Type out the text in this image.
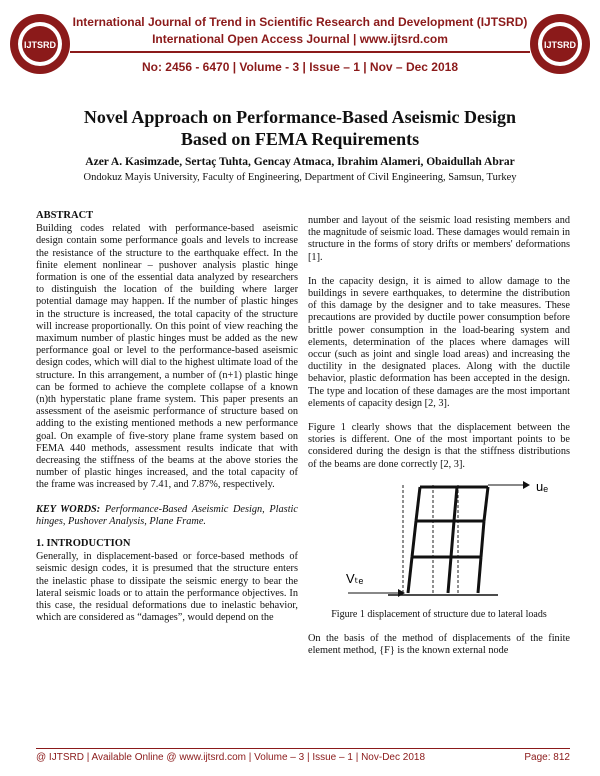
IJTSRD
International Journal of Trend in Scientific Research and Development (IJTSRD)
International Open Access Journal | www.ijtsrd.com
No: 2456 - 6470 | Volume - 3 | Issue – 1 | Nov – Dec 2018
IJTSRD
Novel Approach on Performance-Based Aseismic Design Based on FEMA Requirements
Azer A. Kasimzade, Sertaç Tuhta, Gencay Atmaca, Ibrahim Alameri, Obaidullah Abrar
Ondokuz Mayis University, Faculty of Engineering, Department of Civil Engineering, Samsun, Turkey
ABSTRACT

Building codes related with performance-based aseismic design contain some performance goals and levels to increase the resistance of the structure to the earthquake effect. In the finite element nonlinear – pushover analysis plastic hinge formation is one of the essential data analyzed by researchers to distinguish the location of the building where larger potential damage may happen. If the number of plastic hinges in the structure is increased, the total capacity of the structure will increase proportionally. On this point of view reaching the maximum number of plastic hinges must be added as the new performance goal or level to the performance-based aseismic design codes, which will dial to the highest ultimate load of the structure. In this arrangement, a number of (n+1) plastic hinge can be formed to achieve the complete collapse of a known (n)th hyperstatic plane frame system. This paper presents an assessment of the aseismic performance of structure based on adding to the existing mentioned methods a new performance goal. On example of five-story plane frame system based on FEMA 440 methods, assessment results indicate that with decreasing the stiffness of the beams at the above stories the number of plastic hinges increased, and the total capacity of the frame was increased by 7.41, and 7.87%, respectively.

KEY WORDS: Performance-Based Aseismic Design, Plastic hinges, Pushover Analysis, Plane Frame.
1. INTRODUCTION

Generally, in displacement-based or force-based methods of seismic design codes, it is presumed that the structure enters the inelastic phase to dissipate the seismic energy to bear the lateral seismic loads or to attain the performance objectives. In this case, the residual deformations due to inelastic behavior, which are considered as “damages”, would depend on the

number and layout of the seismic load resisting members and the magnitude of seismic load. These damages would remain in structure in the forms of story drifts or members' deformations [1].

In the capacity design, it is aimed to allow damage to the buildings in severe earthquakes, to determine the distribution of this damage by the designer and to take measures. These precautions are provided by ductile power consumption before brittle power consumption in the load-bearing system and elements, determination of the places where damages will occur (such as joint and single load areas) and increasing the ductility in the designated places. Along with the ductile behavior, plastic deformation has been accepted in the design. The type and location of these damages are the most important elements of capacity design [2, 3].

Figure 1 clearly shows that the displacement between the stories is different. One of the most important points to be considered during the design is that the stiffness distributions of the beams are done correctly [2, 3].

uₑ
Vₜₑ
Figure 1 displacement of structure due to lateral loads

On the basis of the method of displacements of the finite element method, {F} is the known external node

@ IJTSRD | Available Online @ www.ijtsrd.com | Volume – 3 | Issue – 1 | Nov-Dec 2018	Page: 812
